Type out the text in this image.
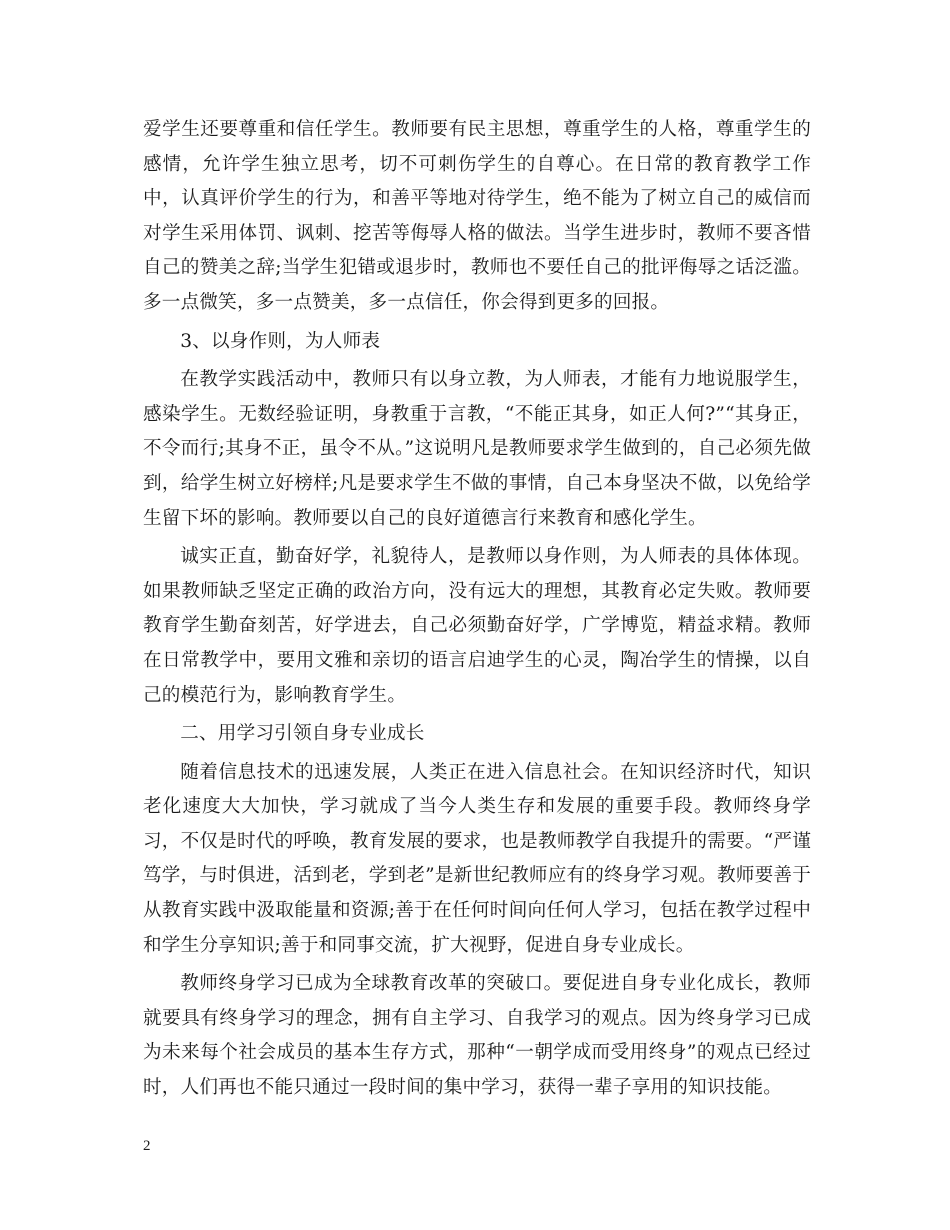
爱学生还要尊重和信任学生。教师要有民主思想，尊重学生的人格，尊重学生的感情，允许学生独立思考，切不可刺伤学生的自尊心。在日常的教育教学工作中，认真评价学生的行为，和善平等地对待学生，绝不能为了树立自己的威信而对学生采用体罚、讽刺、挖苦等侮辱人格的做法。当学生进步时，教师不要吝惜自己的赞美之辞;当学生犯错或退步时，教师也不要任自己的批评侮辱之话泛滥。多一点微笑，多一点赞美，多一点信任，你会得到更多的回报。

3、以身作则，为人师表

在教学实践活动中，教师只有以身立教，为人师表，才能有力地说服学生，感染学生。无数经验证明，身教重于言教，“不能正其身，如正人何?”“其身正，不令而行;其身不正，虽令不从。”这说明凡是教师要求学生做到的，自己必须先做到，给学生树立好榜样;凡是要求学生不做的事情，自己本身坚决不做，以免给学生留下坏的影响。教师要以自己的良好道德言行来教育和感化学生。

诚实正直，勤奋好学，礼貌待人，是教师以身作则，为人师表的具体体现。如果教师缺乏坚定正确的政治方向，没有远大的理想，其教育必定失败。教师要教育学生勤奋刻苦，好学进去，自己必须勤奋好学，广学博览，精益求精。教师在日常教学中，要用文雅和亲切的语言启迪学生的心灵，陶冶学生的情操，以自己的模范行为，影响教育学生。

二、用学习引领自身专业成长

随着信息技术的迅速发展，人类正在进入信息社会。在知识经济时代，知识老化速度大大加快，学习就成了当今人类生存和发展的重要手段。教师终身学习，不仅是时代的呼唤，教育发展的要求，也是教师教学自我提升的需要。“严谨笃学，与时俱进，活到老，学到老”是新世纪教师应有的终身学习观。教师要善于从教育实践中汲取能量和资源;善于在任何时间向任何人学习，包括在教学过程中和学生分享知识;善于和同事交流，扩大视野，促进自身专业成长。

教师终身学习已成为全球教育改革的突破口。要促进自身专业化成长，教师就要具有终身学习的理念，拥有自主学习、自我学习的观点。因为终身学习已成为未来每个社会成员的基本生存方式，那种“一朝学成而受用终身”的观点已经过时，人们再也不能只通过一段时间的集中学习，获得一辈子享用的知识技能。

2
